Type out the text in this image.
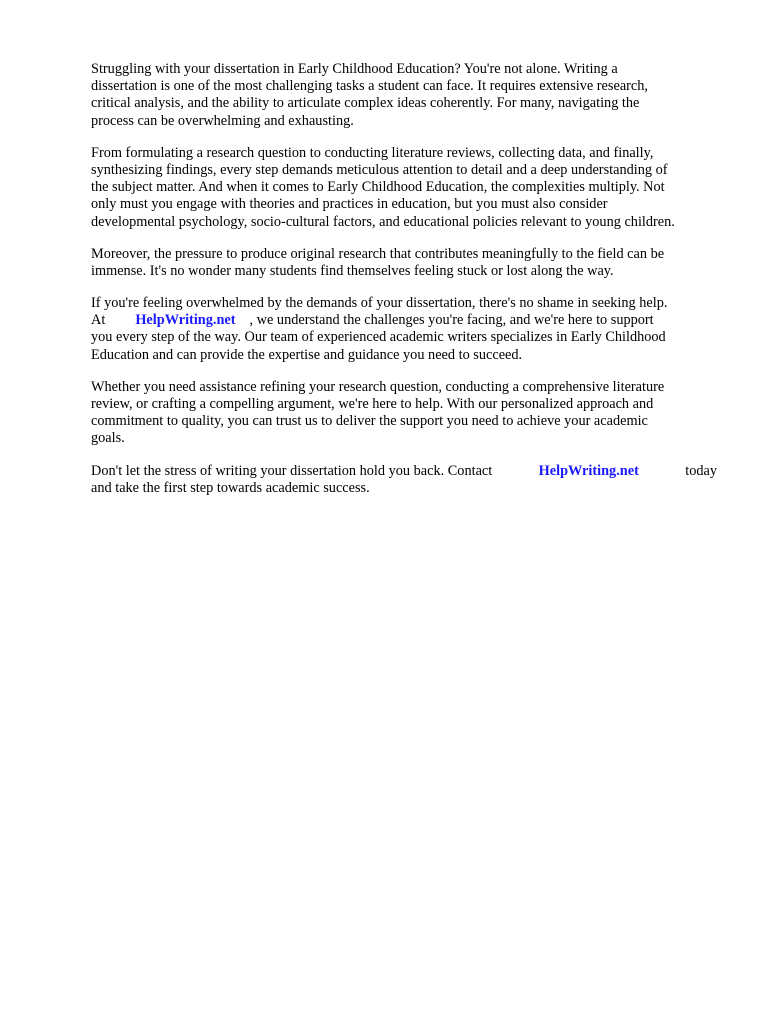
Struggling with your dissertation in Early Childhood Education? You're not alone. Writing a
dissertation is one of the most challenging tasks a student can face. It requires extensive research,
critical analysis, and the ability to articulate complex ideas coherently. For many, navigating the
process can be overwhelming and exhausting.
From formulating a research question to conducting literature reviews, collecting data, and finally,
synthesizing findings, every step demands meticulous attention to detail and a deep understanding of
the subject matter. And when it comes to Early Childhood Education, the complexities multiply. Not
only must you engage with theories and practices in education, but you must also consider
developmental psychology, socio-cultural factors, and educational policies relevant to young children.
Moreover, the pressure to produce original research that contributes meaningfully to the field can be
immense. It's no wonder many students find themselves feeling stuck or lost along the way.
If you're feeling overwhelmed by the demands of your dissertation, there's no shame in seeking help.
At HelpWriting.net , we understand the challenges you're facing, and we're here to support
you every step of the way. Our team of experienced academic writers specializes in Early Childhood
Education and can provide the expertise and guidance you need to succeed.
Whether you need assistance refining your research question, conducting a comprehensive literature
review, or crafting a compelling argument, we're here to help. With our personalized approach and
commitment to quality, you can trust us to deliver the support you need to achieve your academic
goals.
Don't let the stress of writing your dissertation hold you back. Contact	HelpWriting.net	today
and take the first step towards academic success.
